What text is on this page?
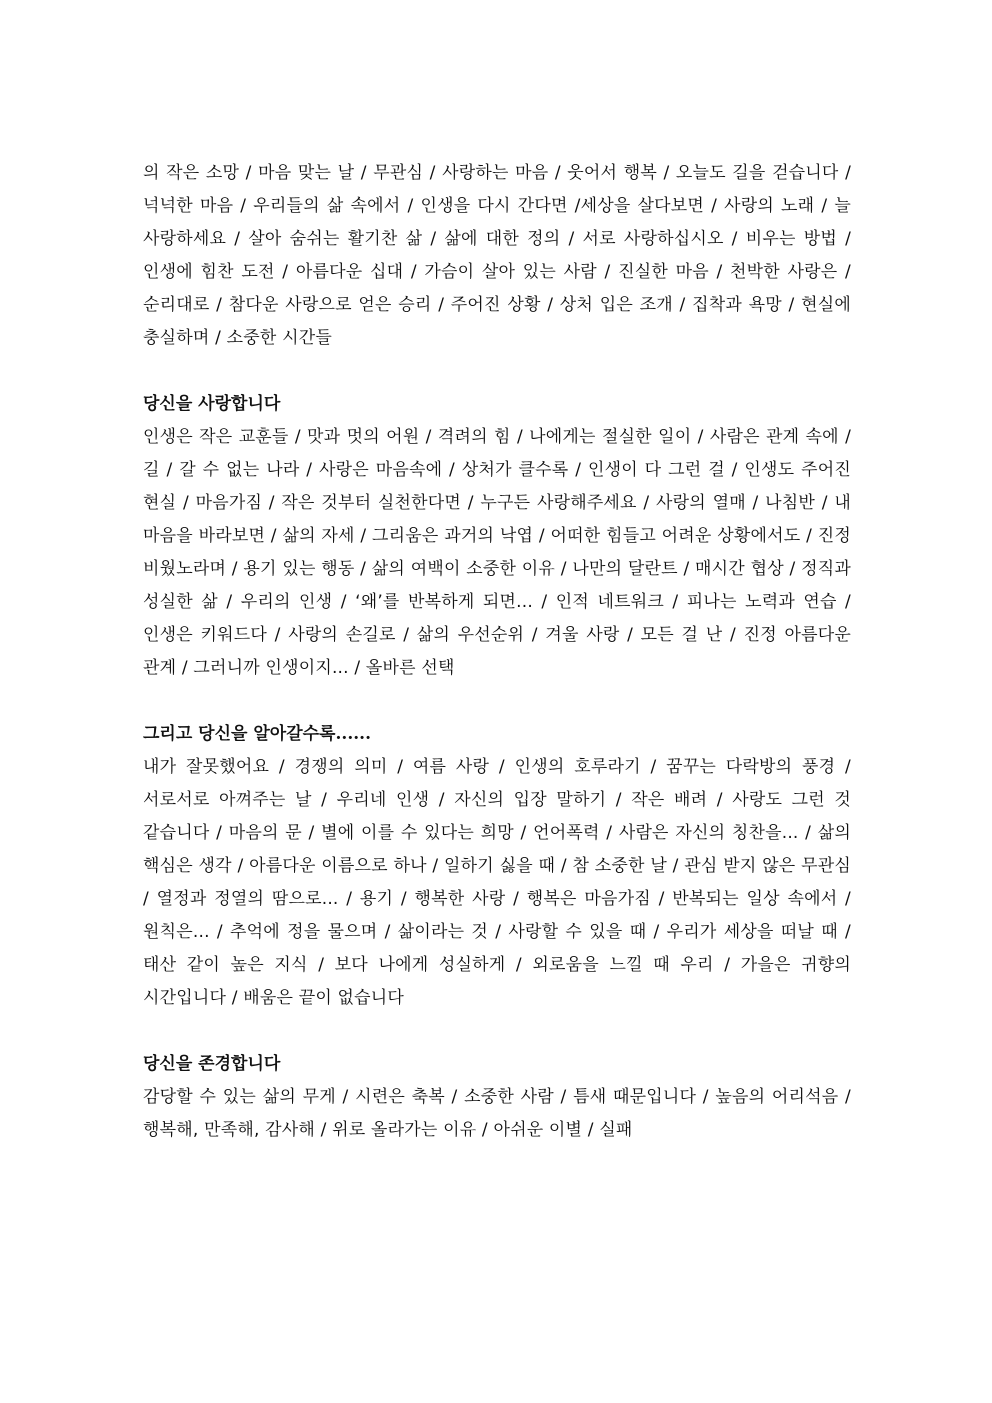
의 작은 소망 / 마음 맞는 날 / 무관심 / 사랑하는 마음 / 웃어서 행복 / 오늘도 길을 걷습니다 / 넉넉한 마음 / 우리들의 삶 속에서 / 인생을 다시 간다면 /세상을 살다보면 / 사랑의 노래 / 늘 사랑하세요 / 살아 숨쉬는 활기찬 삶 / 삶에 대한 정의 / 서로 사랑하십시오 / 비우는 방법 / 인생에 힘찬 도전 / 아름다운 십대 / 가슴이 살아 있는 사람 / 진실한 마음 / 천박한 사랑은 / 순리대로 / 참다운 사랑으로 얻은 승리 / 주어진 상황 / 상처 입은 조개 / 집착과 욕망 / 현실에 충실하며 / 소중한 시간들

당신을 사랑합니다

인생은 작은 교훈들 / 맛과 멋의 어원 / 격려의 힘 / 나에게는 절실한 일이 / 사람은 관계 속에 / 길 / 갈 수 없는 나라 / 사랑은 마음속에 / 상처가 클수록 / 인생이 다 그런 걸 / 인생도 주어진 현실 / 마음가짐 / 작은 것부터 실천한다면 / 누구든 사랑해주세요 / 사랑의 열매 / 나침반 / 내 마음을 바라보면 / 삶의 자세 / 그리움은 과거의 낙엽 / 어떠한 힘들고 어려운 상황에서도 / 진정 비웠노라며 / 용기 있는 행동 / 삶의 여백이 소중한 이유 / 나만의 달란트 / 매시간 협상 / 정직과 성실한 삶 / 우리의 인생 / ‘왜’를 반복하게 되면... / 인적 네트워크 / 피나는 노력과 연습 / 인생은 키워드다 / 사랑의 손길로 / 삶의 우선순위 / 겨울 사랑 / 모든 걸 난 / 진정 아름다운 관계 / 그러니까 인생이지... / 올바른 선택

그리고 당신을 알아갈수록......

내가 잘못했어요 / 경쟁의 의미 / 여름 사랑 / 인생의 호루라기 / 꿈꾸는 다락방의 풍경 / 서로서로 아껴주는 날 / 우리네 인생 / 자신의 입장 말하기 / 작은 배려 / 사랑도 그런 것 같습니다 / 마음의 문 / 별에 이를 수 있다는 희망 / 언어폭력 / 사람은 자신의 칭찬을... / 삶의 핵심은 생각 / 아름다운 이름으로 하나 / 일하기 싫을 때 / 참 소중한 날 / 관심 받지 않은 무관심 / 열정과 정열의 땀으로... / 용기 / 행복한 사랑 / 행복은 마음가짐 / 반복되는 일상 속에서 / 원칙은... / 추억에 정을 물으며 / 삶이라는 것 / 사랑할 수 있을 때 / 우리가 세상을 떠날 때 / 태산 같이 높은 지식 / 보다 나에게 성실하게 / 외로움을 느낄 때 우리 / 가을은 귀향의 시간입니다 / 배움은 끝이 없습니다

당신을 존경합니다

감당할 수 있는 삶의 무게 / 시련은 축복 / 소중한 사람 / 틈새 때문입니다 / 높음의 어리석음 / 행복해, 만족해, 감사해 / 위로 올라가는 이유 / 아쉬운 이별 / 실패
